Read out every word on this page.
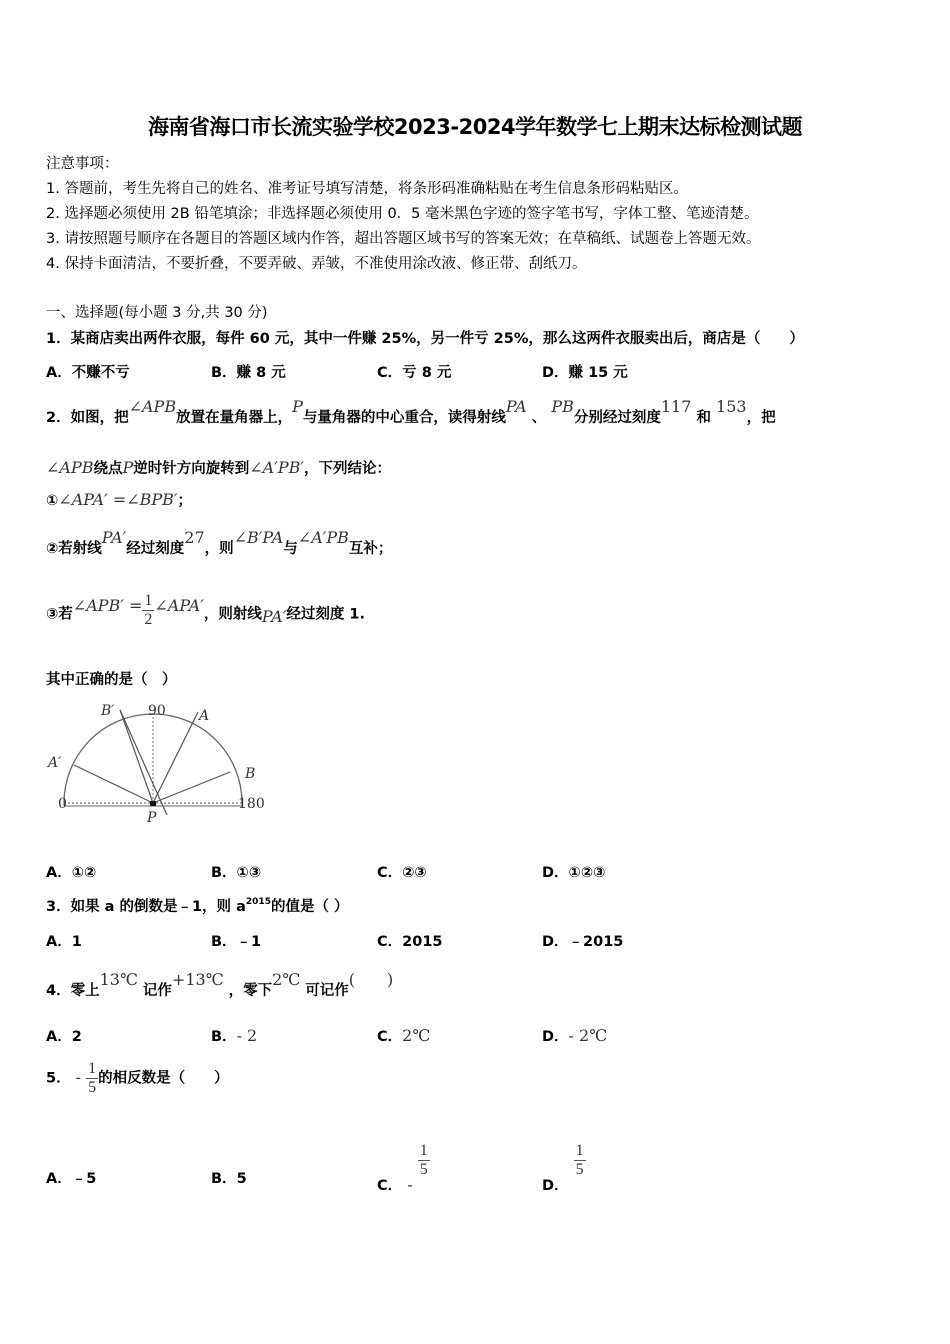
海南省海口市长流实验学校2023-2024学年数学七上期末达标检测试题
注意事项：
1. 答题前，考生先将自己的姓名、准考证号填写清楚，将条形码准确粘贴在考生信息条形码粘贴区。
2. 选择题必须使用 2B 铅笔填涂；非选择题必须使用 0．5 毫米黑色字迹的签字笔书写，字体工整、笔迹清楚。
3. 请按照题号顺序在各题目的答题区域内作答，超出答题区域书写的答案无效；在草稿纸、试题卷上答题无效。
4. 保持卡面清洁，不要折叠，不要弄破、弄皱，不准使用涂改液、修正带、刮纸刀。
一、选择题(每小题 3 分,共 30 分)
1．某商店卖出两件衣服，每件 60 元，其中一件赚 25%，另一件亏 25%，那么这两件衣服卖出后，商店是（　　）
A．不赚不亏	B．赚 8 元	C．亏 8 元	D．赚 15 元
2．如图，把∠APB放置在量角器上，P与量角器的中心重合，读得射线PA 、 PB分别经过刻度117 和 153，把
∠APB绕点P逆时针方向旋转到∠A′PB′，下列结论：
①∠APA′ =∠BPB′；
②若射线PA′经过刻度27，则∠B′PA与∠A′PB互补；
③若∠APB′ = $\frac{1}{2}$ ∠APA′，则射线PA′经过刻度 1.
其中正确的是（　）
90
B′	A
A′
B
0	180
P
A．①②	B．①③	C．②③	D．①②③
3．如果 a 的倒数是﹣1，则 $a^{2015}$的值是（ ）
A．1	B．﹣1	C．2015	D．﹣2015
4．零上13℃ 记作+13℃ ，零下2℃ 可记作(　　)
A．2	B．- 2	C．2℃	D．- 2℃
5． - $\frac{1}{5}$ 的相反数是（　　）
A．﹣5	B．5	C． -
$\frac{1}{5}$
D．
$\frac{1}{5}$
